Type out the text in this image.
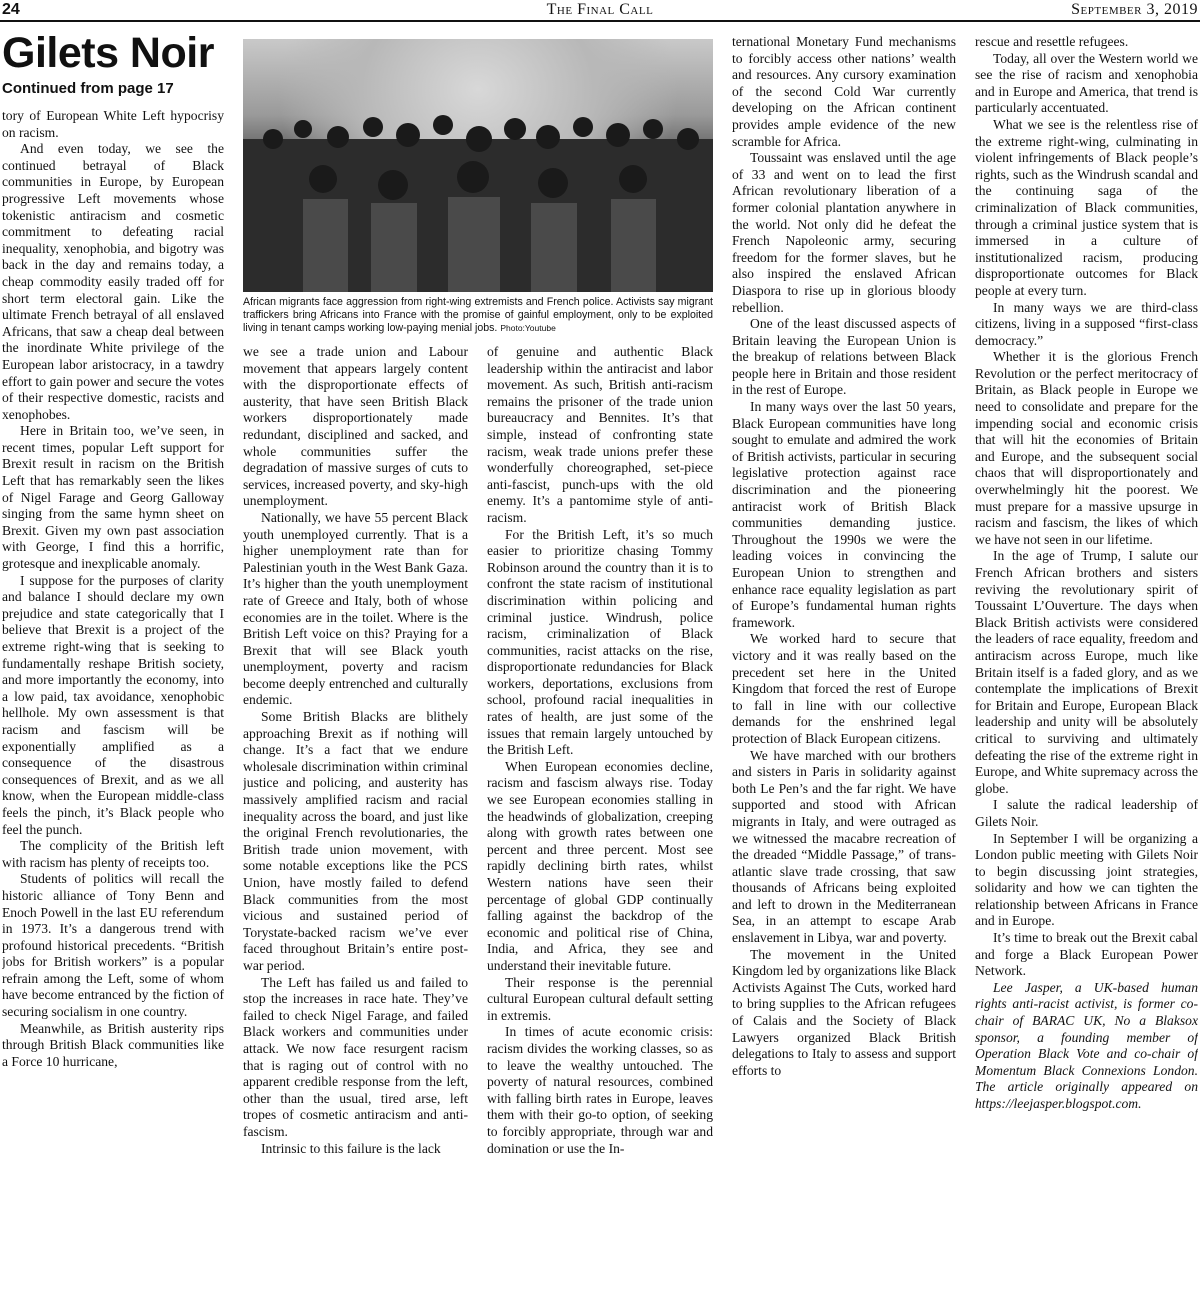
24	The Final Call	September 3, 2019
Gilets Noir

Continued from page 17

African migrants face aggression from right-wing extremists and French police. Activists say migrant traffickers bring Africans into France with the promise of gainful employment, only to be exploited living in tenant camps working low-paying menial jobs. Photo:Youtube

tory of European White Left hypocrisy on racism.

And even today, we see the continued betrayal of Black communities in Europe, by European progressive Left movements whose tokenistic antiracism and cosmetic commitment to defeating racial inequality, xenophobia, and bigotry was back in the day and remains today, a cheap commodity easily traded off for short term electoral gain. Like the ultimate French betrayal of all enslaved Africans, that saw a cheap deal between the inordinate White privilege of the European labor aristocracy, in a tawdry effort to gain power and secure the votes of their respective domestic, racists and xenophobes.

Here in Britain too, we’ve seen, in recent times, popular Left support for Brexit result in racism on the British Left that has remarkably seen the likes of Nigel Farage and Georg Galloway singing from the same hymn sheet on Brexit. Given my own past association with George, I find this a horrific, grotesque and inexplicable anomaly.

I suppose for the purposes of clarity and balance I should declare my own prejudice and state categorically that I believe that Brexit is a project of the extreme right-wing that is seeking to fundamentally reshape British society, and more importantly the economy, into a low paid, tax avoidance, xenophobic hellhole. My own assessment is that racism and fascism will be exponentially amplified as a consequence of the disastrous consequences of Brexit, and as we all know, when the European middle-class feels the pinch, it’s Black people who feel the punch.

The complicity of the British left with racism has plenty of receipts too.

Students of politics will recall the historic alliance of Tony Benn and Enoch Powell in the last EU referendum in 1973. It’s a dangerous trend with profound historical precedents. “British jobs for British workers” is a popular refrain among the Left, some of whom have become entranced by the fiction of securing socialism in one country.

Meanwhile, as British austerity rips through British Black communities like a Force 10 hurricane,

we see a trade union and Labour movement that appears largely content with the disproportionate effects of austerity, that have seen British Black workers disproportionately made redundant, disciplined and sacked, and whole communities suffer the degradation of massive surges of cuts to services, increased poverty, and sky-high unemployment.

Nationally, we have 55 percent Black youth unemployed currently. That is a higher unemployment rate than for Palestinian youth in the West Bank Gaza. It’s higher than the youth unemployment rate of Greece and Italy, both of whose economies are in the toilet. Where is the British Left voice on this? Praying for a Brexit that will see Black youth unemployment, poverty and racism become deeply entrenched and culturally endemic.

Some British Blacks are blithely approaching Brexit as if nothing will change. It’s a fact that we endure wholesale discrimination within criminal justice and policing, and austerity has massively amplified racism and racial inequality across the board, and just like the original French revolutionaries, the British trade union movement, with some notable exceptions like the PCS Union, have mostly failed to defend Black communities from the most vicious and sustained period of Torystate-backed racism we’ve ever faced throughout Britain’s entire post-war period.

The Left has failed us and failed to stop the increases in race hate. They’ve failed to check Nigel Farage, and failed Black workers and communities under attack. We now face resurgent racism that is raging out of control with no apparent credible response from the left, other than the usual, tired arse, left tropes of cosmetic antiracism and anti-fascism.

Intrinsic to this failure is the lack

of genuine and authentic Black leadership within the antiracist and labor movement. As such, British anti-racism remains the prisoner of the trade union bureaucracy and Bennites. It’s that simple, instead of confronting state racism, weak trade unions prefer these wonderfully choreographed, set-piece anti-fascist, punch-ups with the old enemy. It’s a pantomime style of anti-racism.

For the British Left, it’s so much easier to prioritize chasing Tommy Robinson around the country than it is to confront the state racism of institutional discrimination within policing and criminal justice. Windrush, police racism, criminalization of Black communities, racist attacks on the rise, disproportionate redundancies for Black workers, deportations, exclusions from school, profound racial inequalities in rates of health, are just some of the issues that remain largely untouched by the British Left.

When European economies decline, racism and fascism always rise. Today we see European economies stalling in the headwinds of globalization, creeping along with growth rates between one percent and three percent. Most see rapidly declining birth rates, whilst Western nations have seen their percentage of global GDP continually falling against the backdrop of the economic and political rise of China, India, and Africa, they see and understand their inevitable future.

Their response is the perennial cultural European cultural default setting in extremis.

In times of acute economic crisis: racism divides the working classes, so as to leave the wealthy untouched. The poverty of natural resources, combined with falling birth rates in Europe, leaves them with their go-to option, of seeking to forcibly appropriate, through war and domination or use the In-

ternational Monetary Fund mechanisms to forcibly access other nations’ wealth and resources. Any cursory examination of the second Cold War currently developing on the African continent provides ample evidence of the new scramble for Africa.

Toussaint was enslaved until the age of 33 and went on to lead the first African revolutionary liberation of a former colonial plantation anywhere in the world. Not only did he defeat the French Napoleonic army, securing freedom for the former slaves, but he also inspired the enslaved African Diaspora to rise up in glorious bloody rebellion.

One of the least discussed aspects of Britain leaving the European Union is the breakup of relations between Black people here in Britain and those resident in the rest of Europe.

In many ways over the last 50 years, Black European communities have long sought to emulate and admired the work of British activists, particular in securing legislative protection against race discrimination and the pioneering antiracist work of British Black communities demanding justice. Throughout the 1990s we were the leading voices in convincing the European Union to strengthen and enhance race equality legislation as part of Europe’s fundamental human rights framework.

We worked hard to secure that victory and it was really based on the precedent set here in the United Kingdom that forced the rest of Europe to fall in line with our collective demands for the enshrined legal protection of Black European citizens.

We have marched with our brothers and sisters in Paris in solidarity against both Le Pen’s and the far right. We have supported and stood with African migrants in Italy, and were outraged as we witnessed the macabre recreation of the dreaded “Middle Passage,” of trans-atlantic slave trade crossing, that saw thousands of Africans being exploited and left to drown in the Mediterranean Sea, in an attempt to escape Arab enslavement in Libya, war and poverty.

The movement in the United Kingdom led by organizations like Black Activists Against The Cuts, worked hard to bring supplies to the African refugees of Calais and the Society of Black Lawyers organized Black British delegations to Italy to assess and support efforts to

rescue and resettle refugees.

Today, all over the Western world we see the rise of racism and xenophobia and in Europe and America, that trend is particularly accentuated.

What we see is the relentless rise of the extreme right-wing, culminating in violent infringements of Black people’s rights, such as the Windrush scandal and the continuing saga of the criminalization of Black communities, through a criminal justice system that is immersed in a culture of institutionalized racism, producing disproportionate outcomes for Black people at every turn.

In many ways we are third-class citizens, living in a supposed “first-class democracy.”

Whether it is the glorious French Revolution or the perfect meritocracy of Britain, as Black people in Europe we need to consolidate and prepare for the impending social and economic crisis that will hit the economies of Britain and Europe, and the subsequent social chaos that will disproportionately and overwhelmingly hit the poorest. We must prepare for a massive upsurge in racism and fascism, the likes of which we have not seen in our lifetime.

In the age of Trump, I salute our French African brothers and sisters reviving the revolutionary spirit of Toussaint L’Ouverture. The days when Black British activists were considered the leaders of race equality, freedom and antiracism across Europe, much like Britain itself is a faded glory, and as we contemplate the implications of Brexit for Britain and Europe, European Black leadership and unity will be absolutely critical to surviving and ultimately defeating the rise of the extreme right in Europe, and White supremacy across the globe.

I salute the radical leadership of Gilets Noir.

In September I will be organizing a London public meeting with Gilets Noir to begin discussing joint strategies, solidarity and how we can tighten the relationship between Africans in France and in Europe.

It’s time to break out the Brexit cabal and forge a Black European Power Network.

Lee Jasper, a UK-based human rights anti-racist activist, is former co-chair of BARAC UK, No a Blaksox sponsor, a founding member of Operation Black Vote and co-chair of Momentum Black Connexions London. The article originally appeared on https://leejasper.blogspot.com.
